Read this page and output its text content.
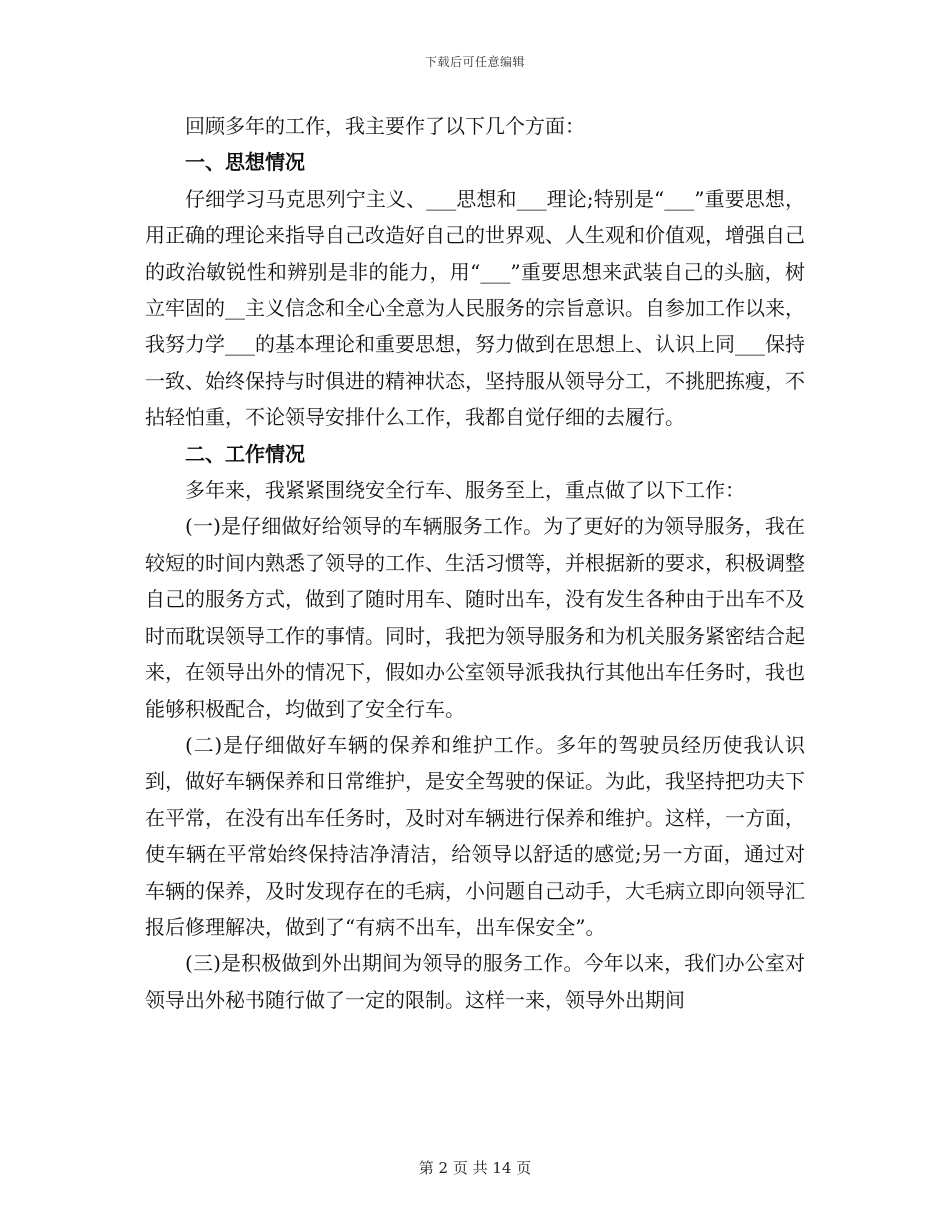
下载后可任意编辑

回顾多年的工作，我主要作了以下几个方面：

一、思想情况

仔细学习马克思列宁主义、___思想和___理论;特别是“___”重要思想，用正确的理论来指导自己改造好自己的世界观、人生观和价值观，增强自己的政治敏锐性和辨别是非的能力，用“___”重要思想来武装自己的头脑，树立牢固的__主义信念和全心全意为人民服务的宗旨意识。自参加工作以来，我努力学___的基本理论和重要思想，努力做到在思想上、认识上同___保持一致、始终保持与时俱进的精神状态，坚持服从领导分工，不挑肥拣瘦，不拈轻怕重，不论领导安排什么工作，我都自觉仔细的去履行。

二、工作情况

多年来，我紧紧围绕安全行车、服务至上，重点做了以下工作：

(一)是仔细做好给领导的车辆服务工作。为了更好的为领导服务，我在较短的时间内熟悉了领导的工作、生活习惯等，并根据新的要求，积极调整自己的服务方式，做到了随时用车、随时出车，没有发生各种由于出车不及时而耽误领导工作的事情。同时，我把为领导服务和为机关服务紧密结合起来，在领导出外的情况下，假如办公室领导派我执行其他出车任务时，我也能够积极配合，均做到了安全行车。

(二)是仔细做好车辆的保养和维护工作。多年的驾驶员经历使我认识到，做好车辆保养和日常维护，是安全驾驶的保证。为此，我坚持把功夫下在平常，在没有出车任务时，及时对车辆进行保养和维护。这样，一方面，使车辆在平常始终保持洁净清洁，给领导以舒适的感觉;另一方面，通过对车辆的保养，及时发现存在的毛病，小问题自己动手，大毛病立即向领导汇报后修理解决，做到了“有病不出车，出车保安全”。

(三)是积极做到外出期间为领导的服务工作。今年以来，我们办公室对领导出外秘书随行做了一定的限制。这样一来，领导外出期间

第 2 页 共 14 页
